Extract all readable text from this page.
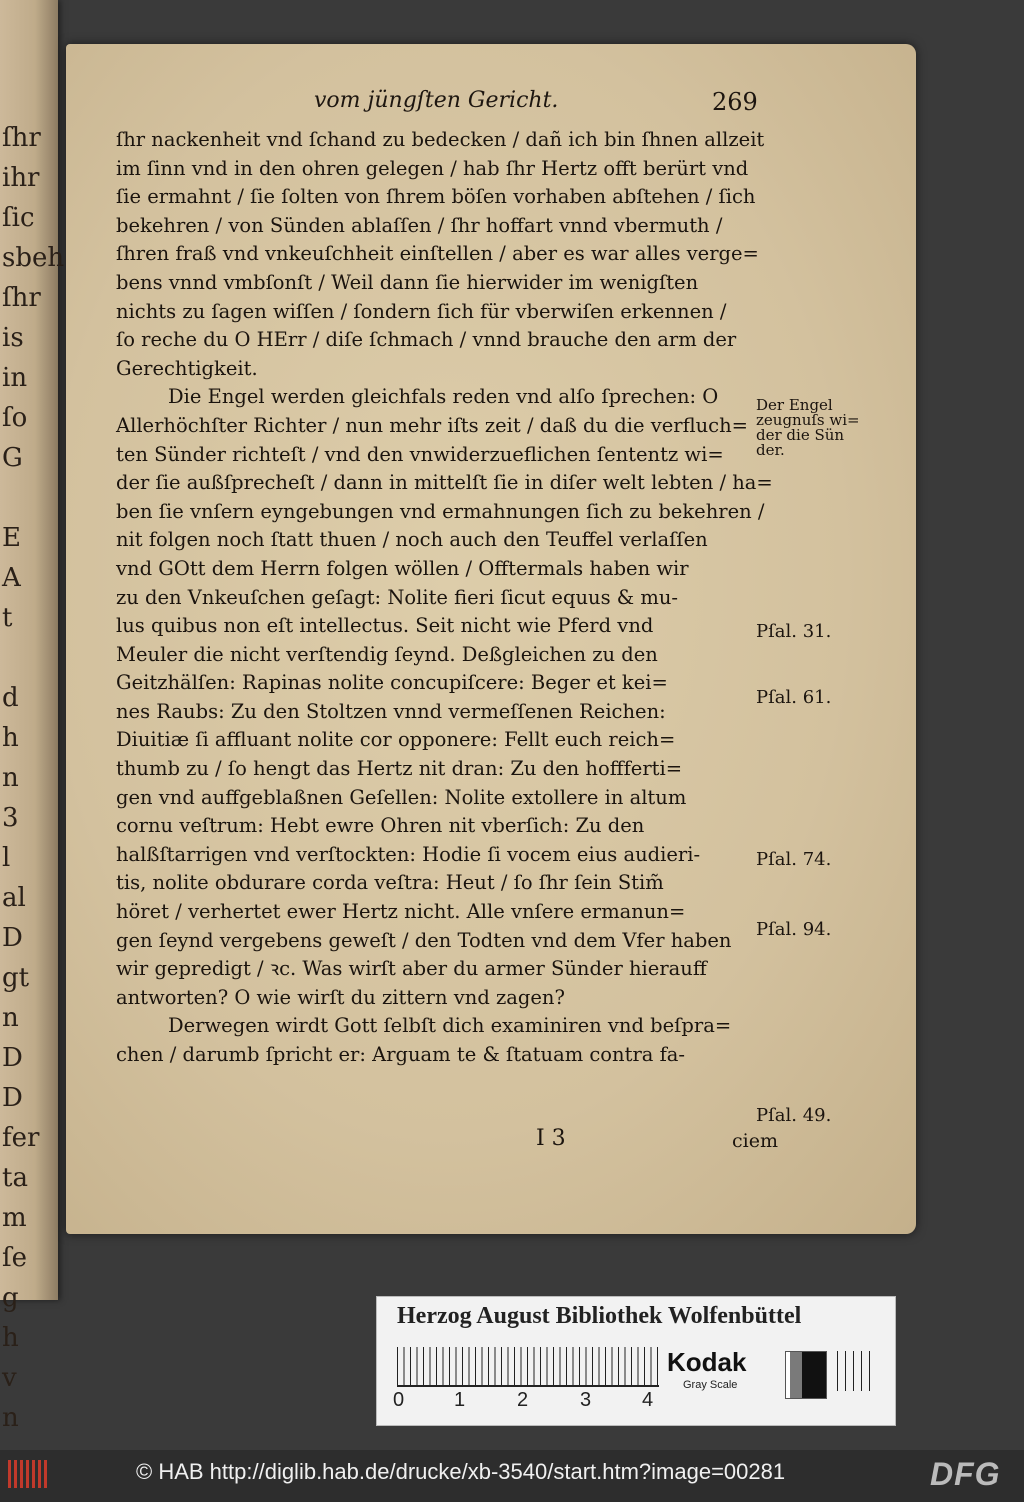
ſhr
ihr
ſic
sbeh
ſhr
is
in
ſo
G
E
A
t
d
h
n
3
l
al
D
gt
n
D
D
fer
ta
m
ſe
g
h
v
n
vom jüngſten Gericht.	269
ſhr nackenheit vnd ſchand zu bedecken / dañ ich bin ſhnen allzeit
im ſinn vnd in den ohren gelegen / hab ſhr Hertz offt berürt vnd
ſie ermahnt / ſie ſolten von ſhrem böſen vorhaben abſtehen / ſich
bekehren / von Sünden ablaſſen / ſhr hoffart vnnd vbermuth /
ſhren fraß vnd vnkeuſchheit einſtellen / aber es war alles verge=
bens vnnd vmbſonſt / Weil dann ſie hierwider im wenigſten
nichts zu ſagen wiſſen / ſondern ſich für vberwiſen erkennen /
ſo reche du O HErr / diſe ſchmach / vnnd brauche den arm der
Gerechtigkeit.
Die Engel werden gleichfals reden vnd alſo ſprechen: O
Allerhöchſter Richter / nun mehr iſts zeit / daß du die verfluch=
ten Sünder richteſt / vnd den vnwiderzueflichen ſententz wi=
der ſie außſprecheſt / dann in mittelſt ſie in diſer welt lebten / ha=
ben ſie vnſern eyngebungen vnd ermahnungen ſich zu bekehren /
nit folgen noch ſtatt thuen / noch auch den Teuffel verlaſſen
vnd GOtt dem Herrn folgen wöllen / Offtermals haben wir
zu den Vnkeuſchen geſagt: Nolite fieri ſicut equus & mu-
lus quibus non eſt intellectus. Seit nicht wie Pferd vnd
Meuler die nicht verſtendig ſeynd. Deßgleichen zu den
Geitzhälſen: Rapinas nolite concupiſcere: Beger et kei=
nes Raubs: Zu den Stoltzen vnnd vermeſſenen Reichen:
Diuitiæ ſi affluant nolite cor opponere: Fellt euch reich=
thumb zu / ſo hengt das Hertz nit dran: Zu den hoffferti=
gen vnd auffgeblaßnen Geſellen: Nolite extollere in altum
cornu veſtrum: Hebt ewre Ohren nit vberſich: Zu den
halßſtarrigen vnd verſtockten: Hodie ſi vocem eius audieri-
tis, nolite obdurare corda veſtra: Heut / ſo ſhr ſein Stim̃
höret / verhertet ewer Hertz nicht. Alle vnſere ermanun=
gen ſeynd vergebens geweſt / den Todten vnd dem Vfer haben
wir gepredigt / ꝛc. Was wirſt aber du armer Sünder hierauff
antworten? O wie wirſt du zittern vnd zagen?
Derwegen wirdt Gott ſelbſt dich examiniren vnd beſpra=
chen / darumb ſpricht er: Arguam te & ſtatuam contra fa-
Der Engel zeugnuſs wi= der die Sün der.
Pſal. 31.
Pſal. 61.
Pſal. 74.
Pſal. 94.
Pſal. 49.
I 3	ciem
Herzog August Bibliothek Wolfenbüttel
0 1	2	3	4
Kodak
Gray Scale
© HAB http://diglib.hab.de/drucke/xb-3540/start.htm?image=00281	DFG
